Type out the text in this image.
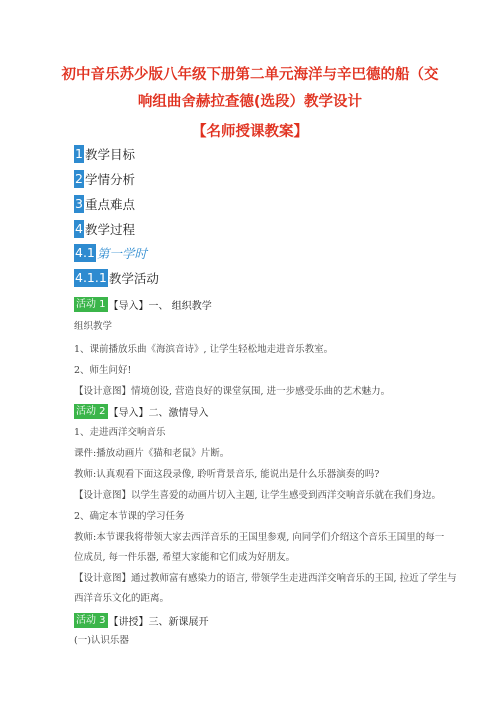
初中音乐苏少版八年级下册第二单元海洋与辛巴德的船（交
响组曲舍赫拉查德(选段）教学设计
【名师授课教案】
1 教学目标
2 学情分析
3 重点难点
4 教学过程
4.1 第一学时
4.1.1 教学活动
活动 1 【导入】一、 组织教学
组织教学
1、课前播放乐曲《海滨音诗》, 让学生轻松地走进音乐教室。
2、师生问好!
【设计意图】情境创设, 营造良好的课堂氛围, 进一步感受乐曲的艺术魅力。
活动 2 【导入】二、激情导入
1、走进西洋交响音乐
课件:播放动画片《猫和老鼠》片断。
教师:认真观看下面这段录像, 聆听背景音乐, 能说出是什么乐器演奏的吗?
【设计意图】以学生喜爱的动画片切入主题, 让学生感受到西洋交响音乐就在我们身边。
2、确定本节课的学习任务
教师:本节课我将带领大家去西洋音乐的王国里参观, 向同学们介绍这个音乐王国里的每一
位成员, 每一件乐器, 希望大家能和它们成为好朋友。
【设计意图】通过教师富有感染力的语言, 带领学生走进西洋交响音乐的王国, 拉近了学生与
西洋音乐文化的距离。
活动 3 【讲授】三、新课展开
(一)认识乐器
